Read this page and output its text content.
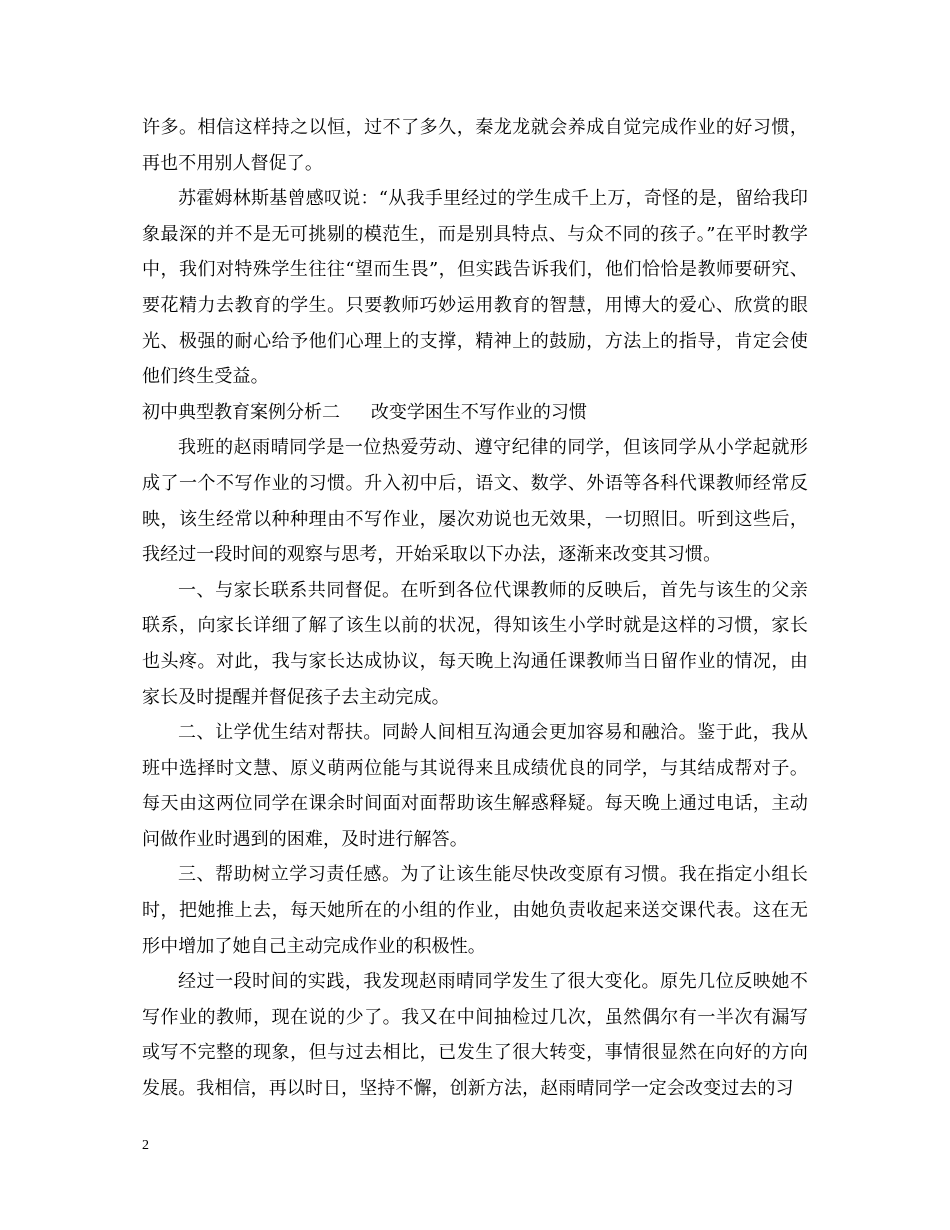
许多。相信这样持之以恒，过不了多久，秦龙龙就会养成自觉完成作业的好习惯，再也不用别人督促了。

苏霍姆林斯基曾感叹说：“从我手里经过的学生成千上万，奇怪的是，留给我印象最深的并不是无可挑剔的模范生，而是别具特点、与众不同的孩子。”在平时教学中，我们对特殊学生往往“望而生畏”，但实践告诉我们，他们恰恰是教师要研究、要花精力去教育的学生。只要教师巧妙运用教育的智慧，用博大的爱心、欣赏的眼光、极强的耐心给予他们心理上的支撑，精神上的鼓励，方法上的指导，肯定会使他们终生受益。

初中典型教育案例分析二	改变学困生不写作业的习惯

我班的赵雨晴同学是一位热爱劳动、遵守纪律的同学，但该同学从小学起就形成了一个不写作业的习惯。升入初中后，语文、数学、外语等各科代课教师经常反映，该生经常以种种理由不写作业，屡次劝说也无效果，一切照旧。听到这些后，我经过一段时间的观察与思考，开始采取以下办法，逐渐来改变其习惯。

一、与家长联系共同督促。在听到各位代课教师的反映后，首先与该生的父亲联系，向家长详细了解了该生以前的状况，得知该生小学时就是这样的习惯，家长也头疼。对此，我与家长达成协议，每天晚上沟通任课教师当日留作业的情况，由家长及时提醒并督促孩子去主动完成。

二、让学优生结对帮扶。同龄人间相互沟通会更加容易和融洽。鉴于此，我从班中选择时文慧、原义萌两位能与其说得来且成绩优良的同学，与其结成帮对子。每天由这两位同学在课余时间面对面帮助该生解惑释疑。每天晚上通过电话，主动问做作业时遇到的困难，及时进行解答。

三、帮助树立学习责任感。为了让该生能尽快改变原有习惯。我在指定小组长时，把她推上去，每天她所在的小组的作业，由她负责收起来送交课代表。这在无形中增加了她自己主动完成作业的积极性。

经过一段时间的实践，我发现赵雨晴同学发生了很大变化。原先几位反映她不写作业的教师，现在说的少了。我又在中间抽检过几次，虽然偶尔有一半次有漏写或写不完整的现象，但与过去相比，已发生了很大转变，事情很显然在向好的方向发展。我相信，再以时日，坚持不懈，创新方法，赵雨晴同学一定会改变过去的习

2
